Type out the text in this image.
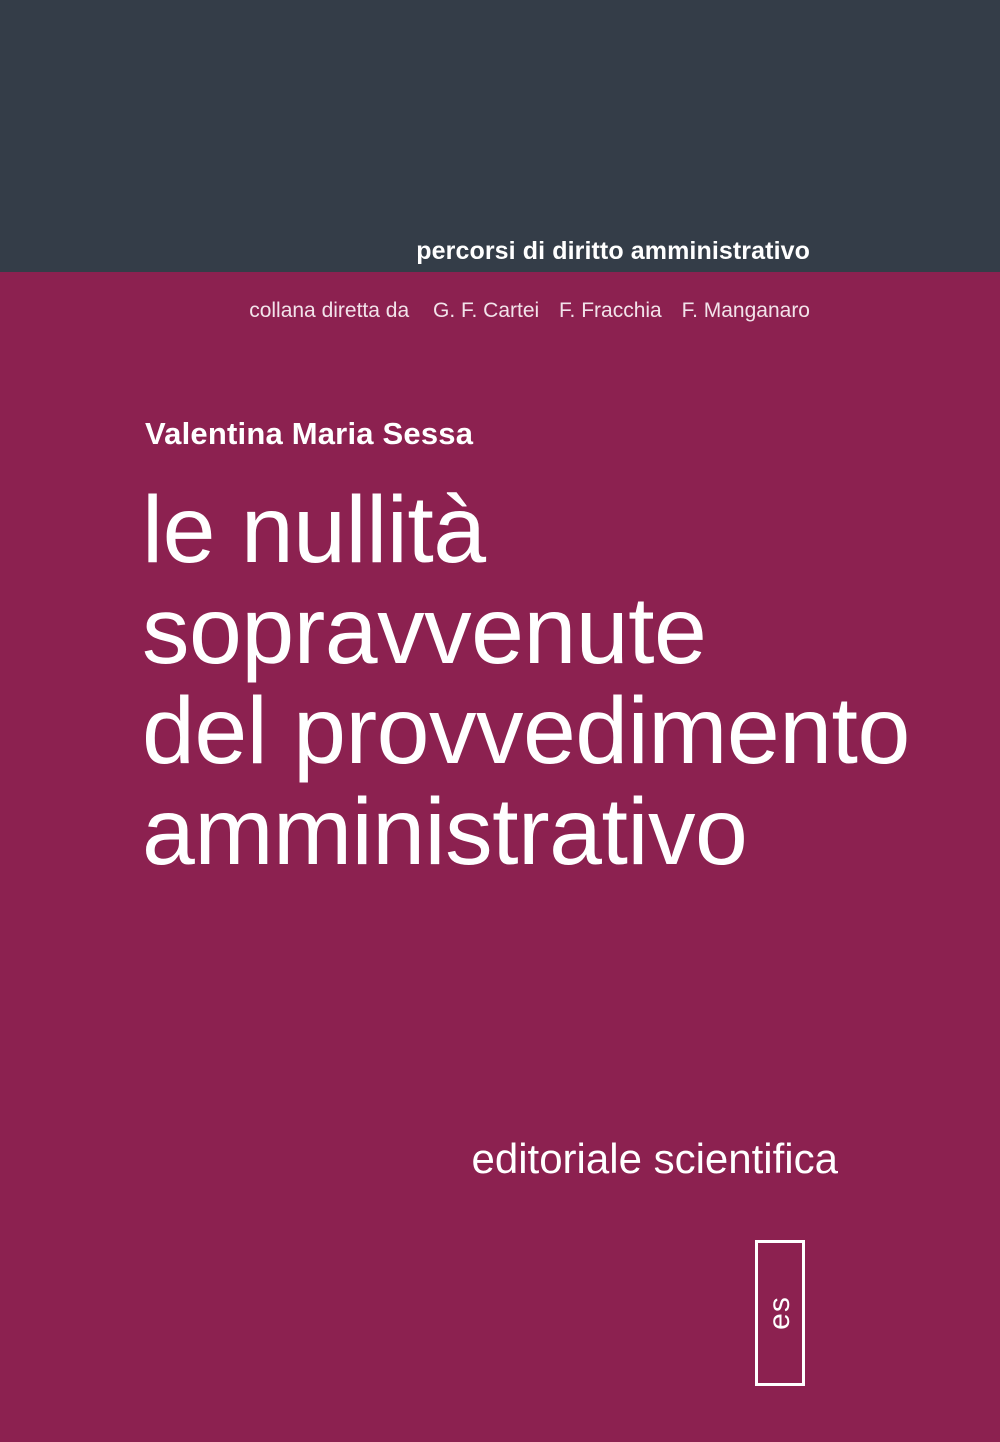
percorsi di diritto amministrativo
collana diretta da G. F. Cartei F. Fracchia F. Manganaro
Valentina Maria Sessa
le nullità
sopravvenute
del provvedimento
amministrativo
editoriale scientifica
es
